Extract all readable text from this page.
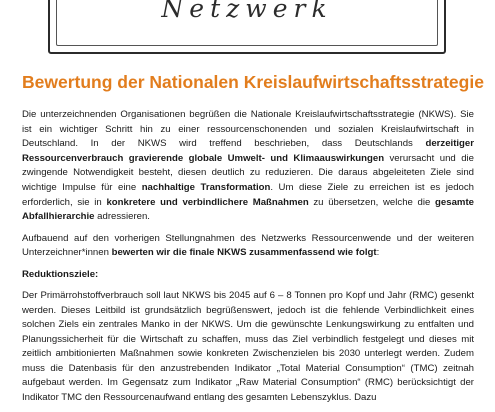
Netzwerk
Bewertung der Nationalen Kreislaufwirtschaftsstrategie

Die unterzeichnenden Organisationen begrüßen die Nationale Kreislaufwirtschaftsstrategie (NKWS). Sie ist ein wichtiger Schritt hin zu einer ressourcenschonenden und sozialen Kreislaufwirtschaft in Deutschland. In der NKWS wird treffend beschrieben, dass Deutschlands derzeitiger Ressourcenverbrauch gravierende globale Umwelt- und Klimaauswirkungen verursacht und die zwingende Notwendigkeit besteht, diesen deutlich zu reduzieren. Die daraus abgeleiteten Ziele sind wichtige Impulse für eine nachhaltige Transformation. Um diese Ziele zu erreichen ist es jedoch erforderlich, sie in konkretere und verbindlichere Maßnahmen zu übersetzen, welche die gesamte Abfallhierarchie adressieren.

Aufbauend auf den vorherigen Stellungnahmen des Netzwerks Ressourcenwende und der weiteren Unterzeichner*innen bewerten wir die finale NKWS zusammenfassend wie folgt:

Reduktionsziele:

Der Primärrohstoffverbrauch soll laut NKWS bis 2045 auf 6 – 8 Tonnen pro Kopf und Jahr (RMC) gesenkt werden. Dieses Leitbild ist grundsätzlich begrüßenswert, jedoch ist die fehlende Verbindlichkeit eines solchen Ziels ein zentrales Manko in der NKWS. Um die gewünschte Lenkungswirkung zu entfalten und Planungssicherheit für die Wirtschaft zu schaffen, muss das Ziel verbindlich festgelegt und dieses mit zeitlich ambitionierten Maßnahmen sowie konkreten Zwischenzielen bis 2030 unterlegt werden. Zudem muss die Datenbasis für den anzustrebenden Indikator „Total Material Consumption“ (TMC) zeitnah aufgebaut werden. Im Gegensatz zum Indikator „Raw Material Consumption“ (RMC) berücksichtigt der Indikator TMC den Ressourcenaufwand entlang des gesamten Lebenszyklus. Dazu
